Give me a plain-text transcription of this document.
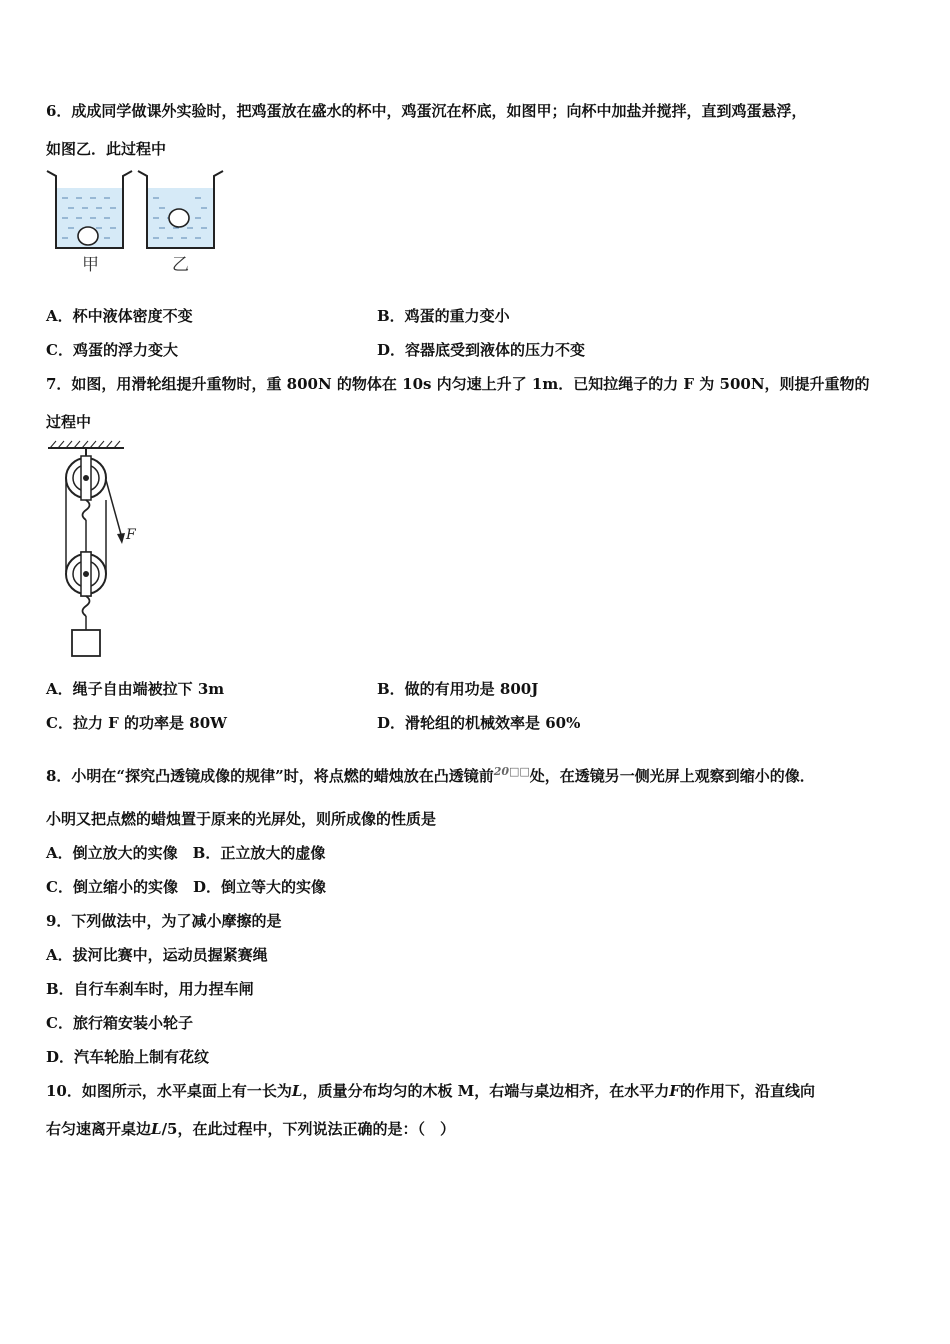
6．成成同学做课外实验时，把鸡蛋放在盛水的杯中，鸡蛋沉在杯底，如图甲；向杯中加盐并搅拌，直到鸡蛋悬浮，
如图乙．此过程中
甲	乙
A．杯中液体密度不变	B．鸡蛋的重力变小
C．鸡蛋的浮力变大	D．容器底受到液体的压力不变
7．如图，用滑轮组提升重物时，重 800N 的物体在 10s 内匀速上升了 1m．已知拉绳子的力 F 为 500N，则提升重物的
过程中
F
A．绳子自由端被拉下 3m	B．做的有用功是 800J
C．拉力 F 的功率是 80W	D．滑轮组的机械效率是 60%
8．小明在“探究凸透镜成像的规律”时，将点燃的蜡烛放在凸透镜前$^{20□□}$处，在透镜另一侧光屏上观察到缩小的像．
小明又把点燃的蜡烛置于原来的光屏处，则所成像的性质是
A．倒立放大的实像　B．正立放大的虚像
C．倒立缩小的实像　D．倒立等大的实像
9．下列做法中，为了减小摩擦的是
A．拔河比赛中，运动员握紧赛绳
B．自行车刹车时，用力捏车闸
C．旅行箱安装小轮子
D．汽车轮胎上制有花纹
10．如图所示，水平桌面上有一长为L，质量分布均匀的木板 M，右端与桌边相齐，在水平力F的作用下，沿直线向
右匀速离开桌边L/5，在此过程中，下列说法正确的是：（　）
